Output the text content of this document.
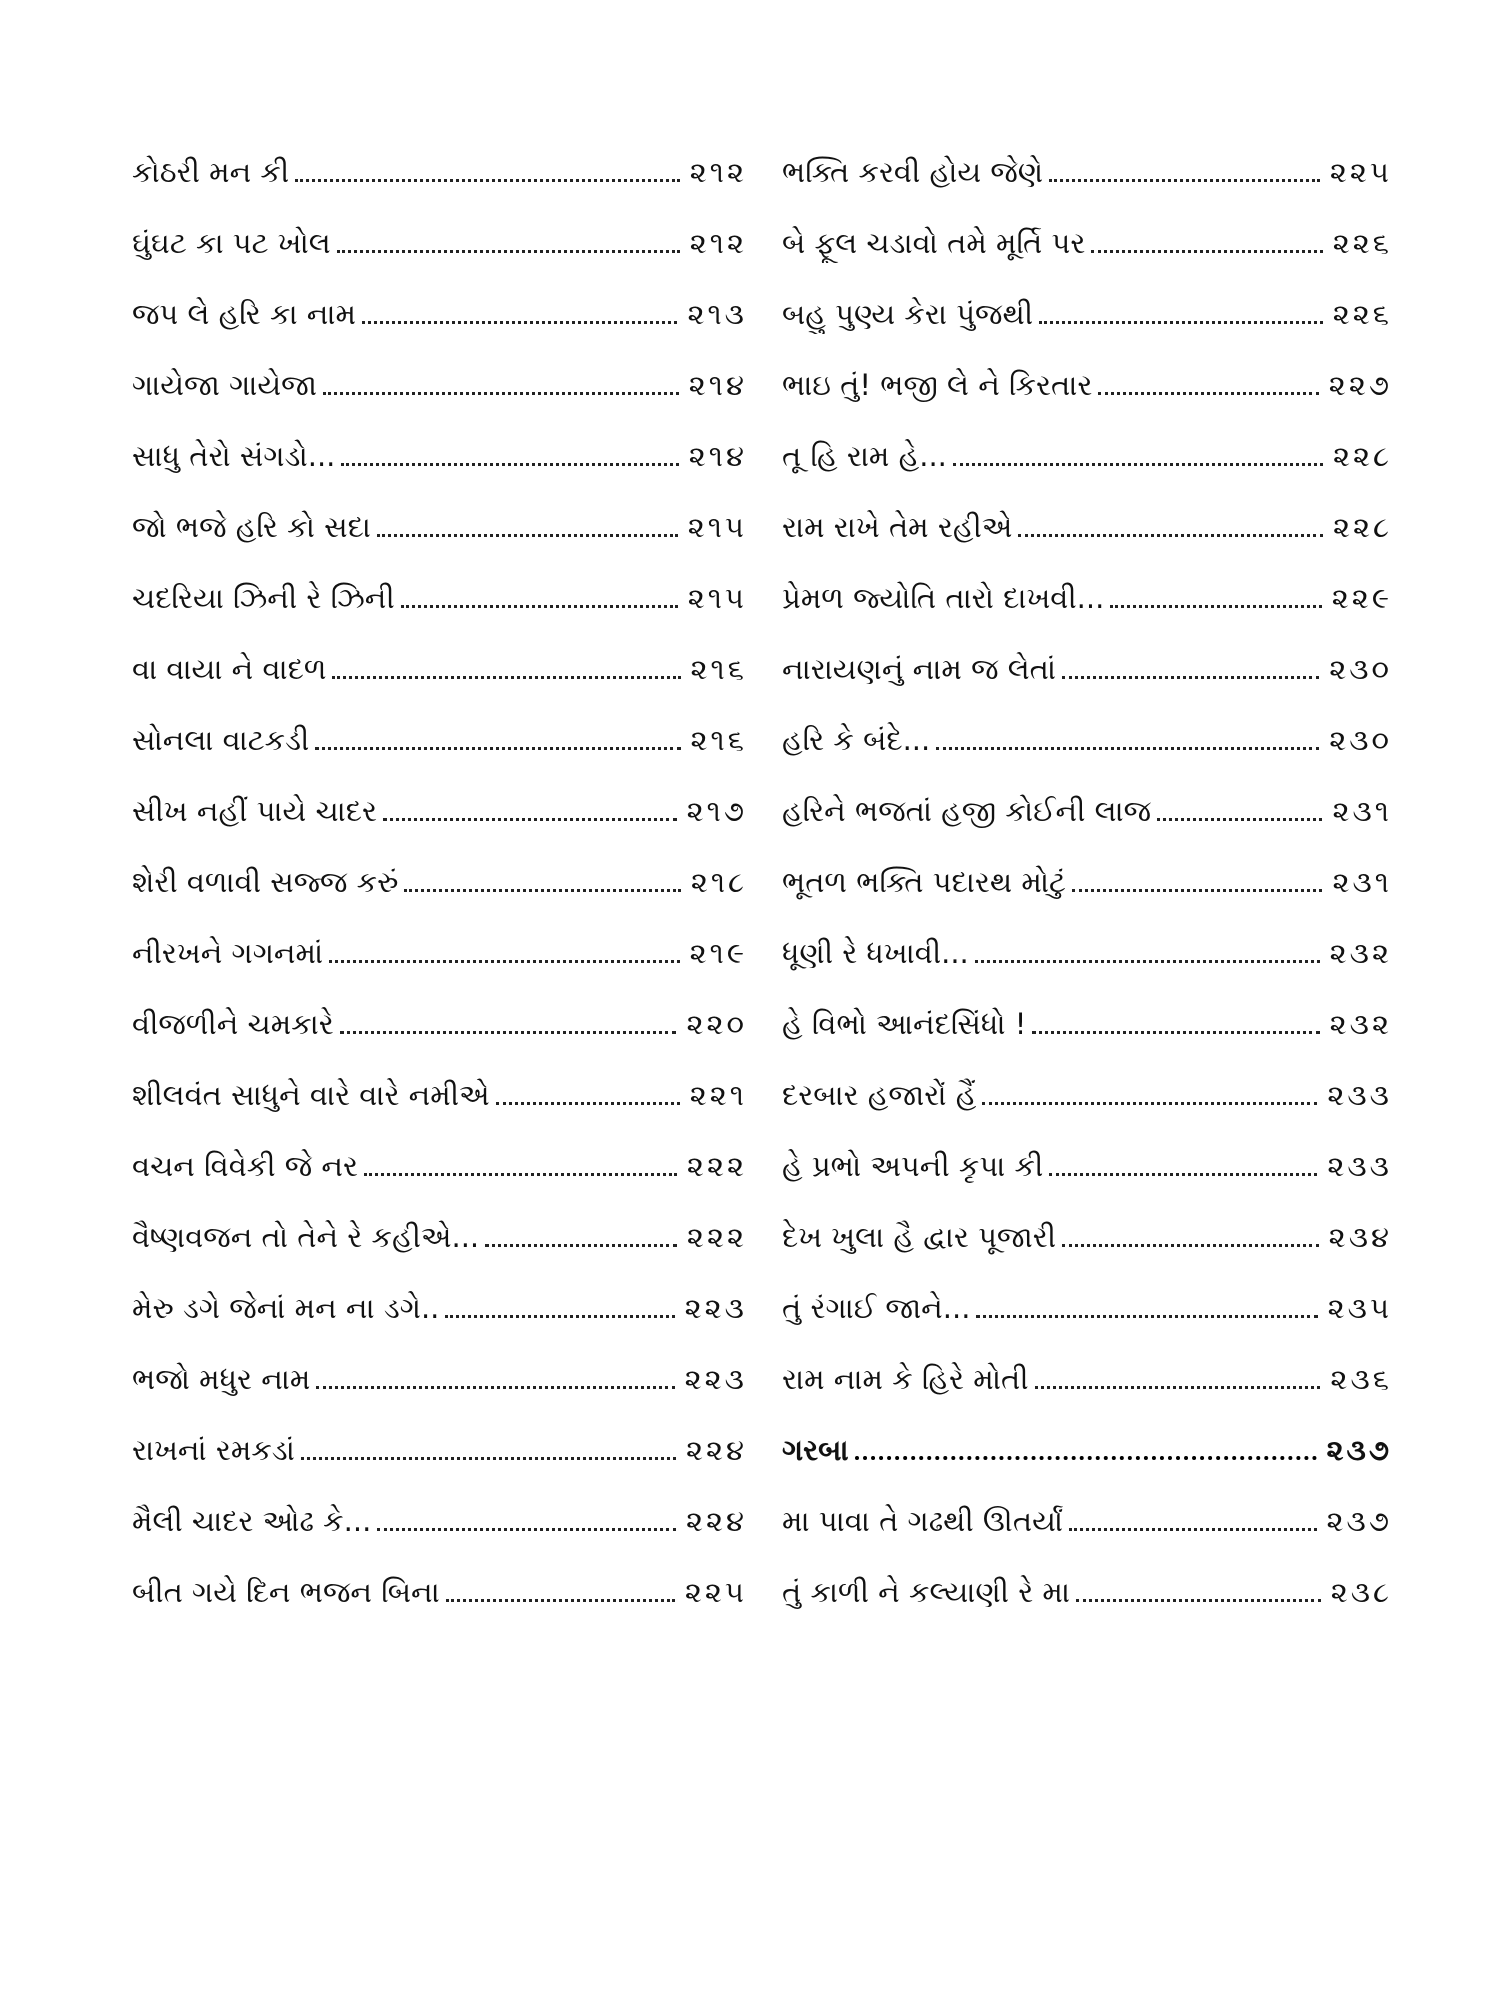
કોઠરી મન કી	૨૧૨
ઘુંઘટ કા પટ ખોલ	૨૧૨
જપ લે હરિ કા નામ	૨૧૩
ગાયેજા ગાયેજા	૨૧૪
સાધુ તેરો સંગડો...	૨૧૪
જો ભજે હરિ કો સદા	૨૧૫
ચદરિયા ઝિની રે ઝિની	૨૧૫
વા વાયા ને વાદળ	૨૧૬
સોનલા વાટકડી	૨૧૬
સીખ નહીં પાયે ચાદર	૨૧૭
શેરી વળાવી સજ્જ કરું	૨૧૮
નીરખને ગગનમાં	૨૧૯
વીજળીને ચમકારે	૨૨૦
શીલવંત સાધુને વારે વારે નમીએ	૨૨૧
વચન વિવેકી જે નર	૨૨૨
વૈષ્ણવજન તો તેને રે કહીએ...	૨૨૨
મેરુ ડગે જેનાં મન ના ડગે..	૨૨૩
ભજો મધુર નામ	૨૨૩
રાખનાં રમકડાં	૨૨૪
મૈલી ચાદર ઓઢ કે...	૨૨૪
બીત ગયે દિન ભજન બિના	૨૨૫
ભક્તિ કરવી હોય જેણે	૨૨૫
બે ફૂલ ચડાવો તમે મૂર્તિ પર	૨૨૬
બહુ પુણ્ય કેરા પુંજથી	૨૨૬
ભાઇ તું! ભજી લે ને કિરતાર	૨૨૭
તૂ હિ રામ હે...	૨૨૮
રામ રાખે તેમ રહીએ	૨૨૮
પ્રેમળ જ્યોતિ તારો દાખવી...	૨૨૯
નારાયણનું નામ જ લેતાં	૨૩૦
હરિ કે બંદે...	૨૩૦
હરિને ભજતાં હજી કોઈની લાજ	૨૩૧
ભૂતળ ભક્તિ પદારથ મોટું	૨૩૧
ધૂણી રે ધખાવી...	૨૩૨
હે વિભો આનંદસિંધો !	૨૩૨
દરબાર હજારોં હૈં	૨૩૩
હે પ્રભો અપની કૃપા કી	૨૩૩
દેખ ખુલા હૈ દ્વાર પૂજારી	૨૩૪
તું રંગાઈ જાને...	૨૩૫
રામ નામ કે હિરે મોતી	૨૩૬
ગરબા	૨૩૭
મા પાવા તે ગઢથી ઊતર્યાં	૨૩૭
તું કાળી ને કલ્યાણી રે મા	૨૩૮
